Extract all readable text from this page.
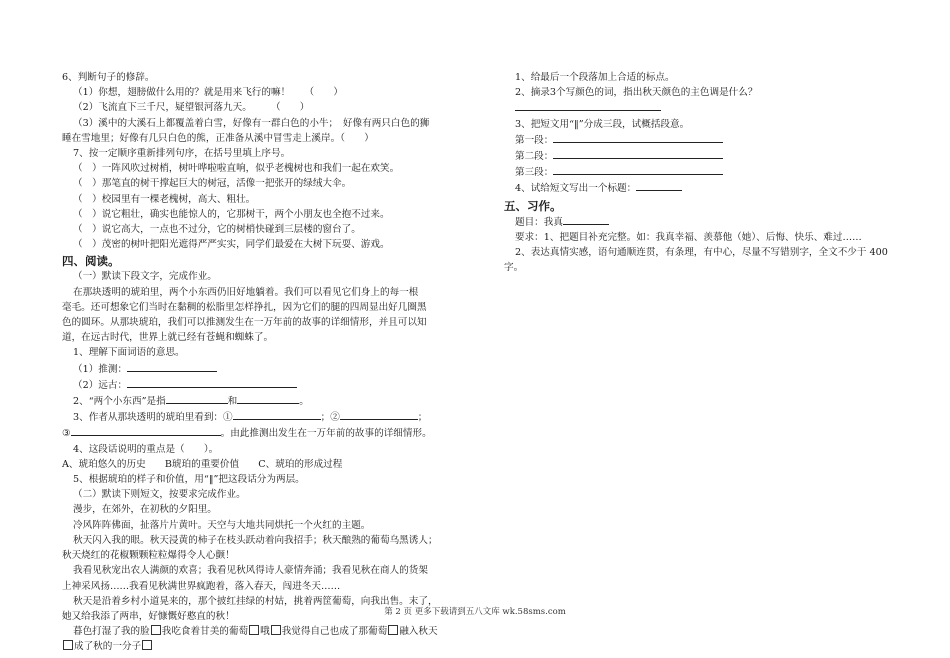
6、判断句子的修辞。
（1）你想，翅膀做什么用的？就是用来飞行的嘛！　　（　　）
（2）飞流直下三千尺，疑望银河落九天。　　　（　　）
（3）溪中的大溪石上都覆盖着白雪，好像有一群白色的小牛；　好像有两只白色的狮
睡在雪地里；好像有几只白色的熊，正准备从溪中冒雪走上溪岸。（　　）
7、按一定顺序重新排列句序，在括号里填上序号。
（　）一阵风吹过树梢，树叶哗啦啦直响，似乎老槐树也和我们一起在欢笑。
（　）那笔直的树干撑起巨大的树冠，活像一把张开的绿绒大伞。
（　）校园里有一棵老槐树，高大、粗壮。
（　）说它粗壮，确实也能惊人的，它那树干，两个小朋友也全抱不过来。
（　）说它高大，一点也不过分，它的树梢快碰到三层楼的窗台了。
（　）茂密的树叶把阳光遮得严严实实，同学们最爱在大树下玩耍、游戏。
四、阅读。
（一）默读下段文字，完成作业。
在那块透明的琥珀里，两个小东西仍旧好地躺着。我们可以看见它们身上的每一根
毫毛。还可想象它们当时在黏稠的松脂里怎样挣扎，因为它们的腿的四周显出好几圈黑
色的圆环。从那块琥珀，我们可以推测发生在一万年前的故事的详细情形，并且可以知
道，在远古时代，世界上就已经有苍蝇和蜘蛛了。
1、理解下面词语的意思。
（1）推测：
（2）远古：
2、“两个小东西”是指	和	。
3、作者从那块透明的琥珀里看到：①	；②	；
③	。由此推测出发生在一万年前的故事的详细情形。
4、这段话说明的重点是（　　）。
A、琥珀悠久的历史　　B琥珀的重要价值　　C、琥珀的形成过程
5、根据琥珀的样子和价值，用“‖”把这段话分为两层。
（二）默读下则短文，按要求完成作业。
漫步，在郊外，在初秋的夕阳里。
冷风阵阵佛面，扯落片片黄叶。天空与大地共同烘托一个火红的主题。
秋天闪入我的眼。秋天浸黄的柿子在枝头跃动着向我招手；秋天酿熟的葡萄乌黑诱人；
秋天烧红的花椒颗颗粒粒爆得令人心颤！
我看见秋宠出农人满颜的欢喜；我看见秋风得诗人豪情奔涌；我看见秋在商人的货架
上神采风扬……我看见秋满世界疯跑着，落入春天，闯进冬天……
秋天是沿着乡村小道晃来的，那个披红挂绿的村姑，挑着两筐葡萄，向我出售。末了，
她又给我添了两串，好慷慨好憨直的秋！
暮色打湿了我的脸 我吃食着甘美的葡萄 哦 我觉得自己也成了那葡萄 融入秋天
成了秋的一分子
1、给最后一个段落加上合适的标点。
2、摘录3个写颜色的词，指出秋天颜色的主色调是什么？
3、把短文用“‖”分成三段，试概括段意。
第一段：
第二段：
第三段：
4、试给短文写出一个标题：
五、习作。
题目：我真
要求：1、把题目补充完整。如：我真幸福、羡慕他（她）、后悔、快乐、难过……
2、表达真情实感，语句通顺连贯，有条理，有中心，尽量不写错别字，全文不少于 400
字。
第 2 页 更多下载请到五八文库 wk.58sms.com
